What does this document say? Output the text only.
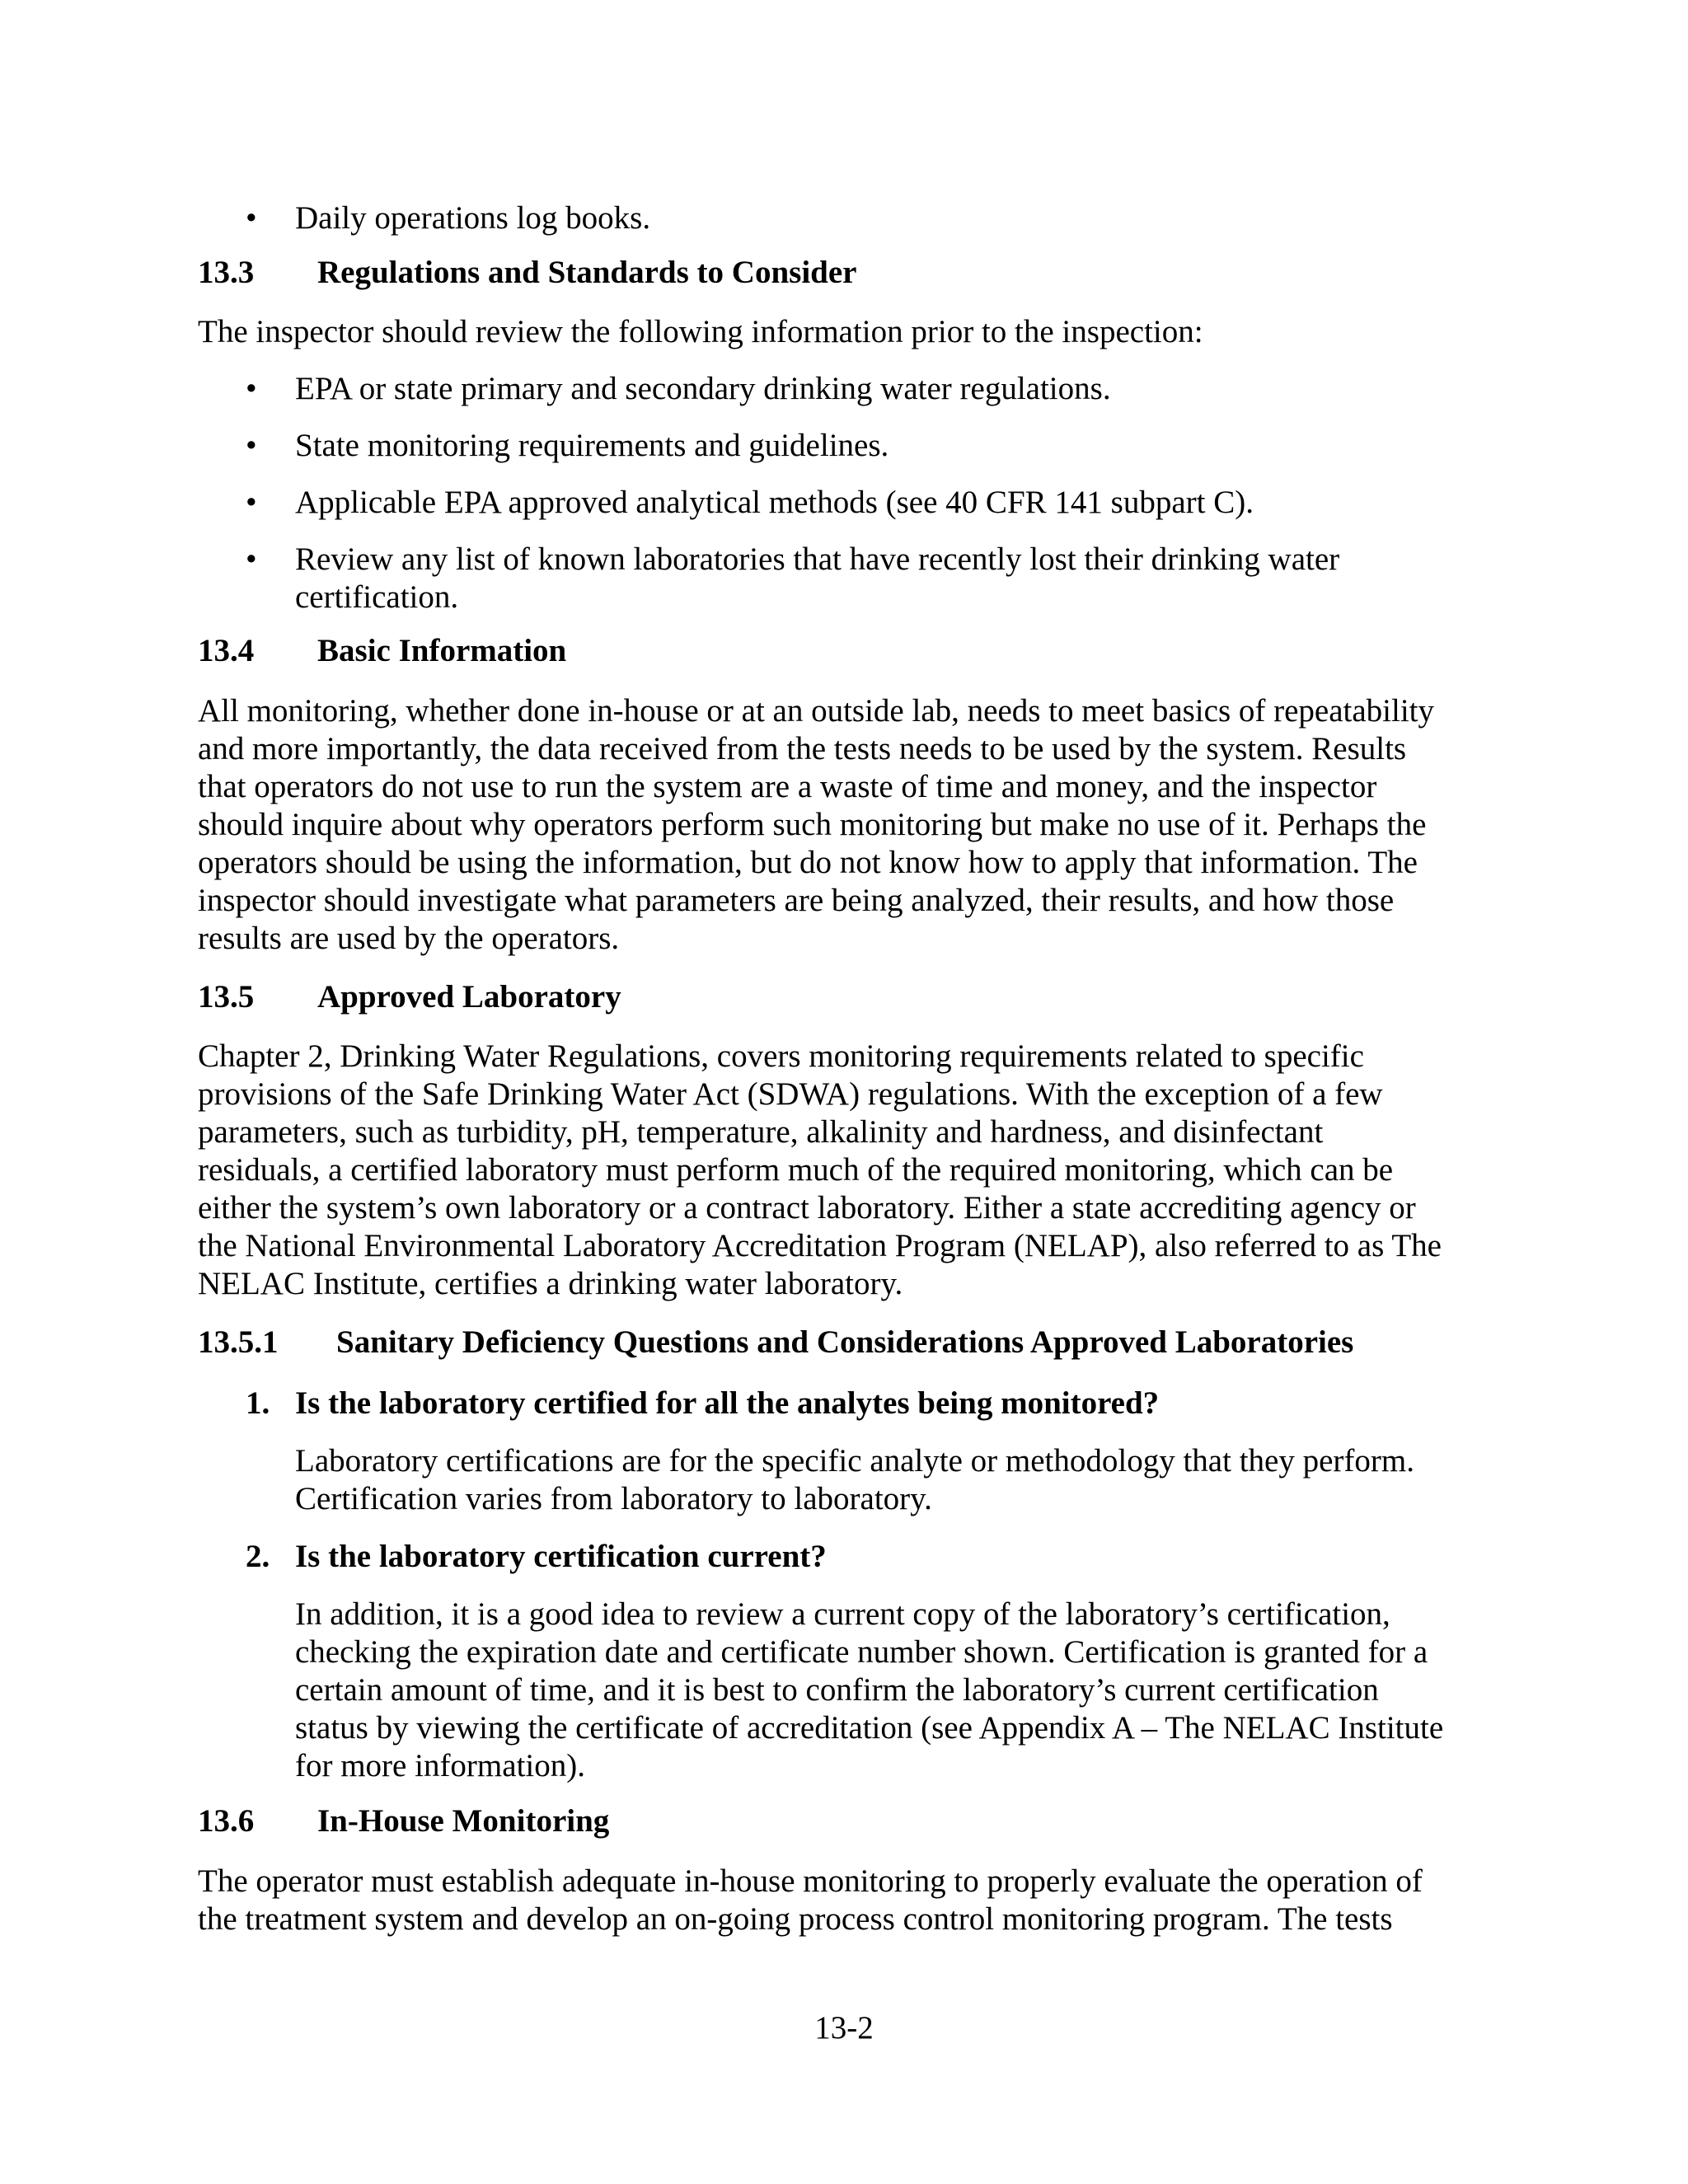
• Daily operations log books.
13.3 Regulations and Standards to Consider
The inspector should review the following information prior to the inspection:
• EPA or state primary and secondary drinking water regulations.
• State monitoring requirements and guidelines.
• Applicable EPA approved analytical methods (see 40 CFR 141 subpart C).
• Review any list of known laboratories that have recently lost their drinking water
certification.
13.4 Basic Information
All monitoring, whether done in-house or at an outside lab, needs to meet basics of repeatability
and more importantly, the data received from the tests needs to be used by the system. Results
that operators do not use to run the system are a waste of time and money, and the inspector
should inquire about why operators perform such monitoring but make no use of it. Perhaps the
operators should be using the information, but do not know how to apply that information. The
inspector should investigate what parameters are being analyzed, their results, and how those
results are used by the operators.
13.5 Approved Laboratory
Chapter 2, Drinking Water Regulations, covers monitoring requirements related to specific
provisions of the Safe Drinking Water Act (SDWA) regulations. With the exception of a few
parameters, such as turbidity, pH, temperature, alkalinity and hardness, and disinfectant
residuals, a certified laboratory must perform much of the required monitoring, which can be
either the system’s own laboratory or a contract laboratory. Either a state accrediting agency or
the National Environmental Laboratory Accreditation Program (NELAP), also referred to as The
NELAC Institute, certifies a drinking water laboratory.
13.5.1 Sanitary Deficiency Questions and Considerations Approved Laboratories
1. Is the laboratory certified for all the analytes being monitored?
Laboratory certifications are for the specific analyte or methodology that they perform.
Certification varies from laboratory to laboratory.
2. Is the laboratory certification current?
In addition, it is a good idea to review a current copy of the laboratory’s certification,
checking the expiration date and certificate number shown. Certification is granted for a
certain amount of time, and it is best to confirm the laboratory’s current certification
status by viewing the certificate of accreditation (see Appendix A – The NELAC Institute
for more information).
13.6 In-House Monitoring
The operator must establish adequate in-house monitoring to properly evaluate the operation of
the treatment system and develop an on-going process control monitoring program. The tests
13-2
